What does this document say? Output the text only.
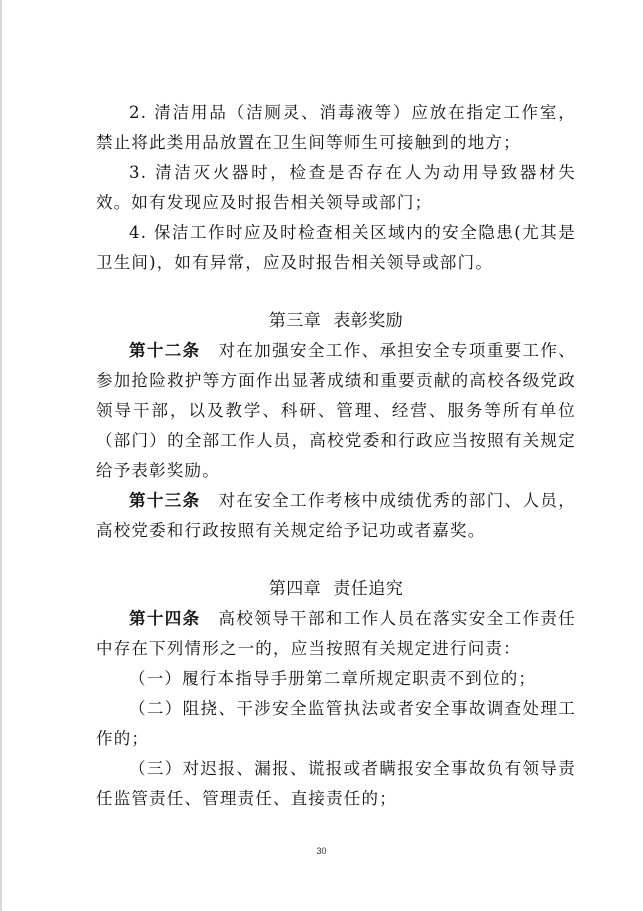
2. 清洁用品（洁厕灵、消毒液等）应放在指定工作室，禁止将此类用品放置在卫生间等师生可接触到的地方；

3. 清洁灭火器时，检查是否存在人为动用导致器材失效。如有发现应及时报告相关领导或部门；

4. 保洁工作时应及时检查相关区域内的安全隐患(尤其是卫生间)，如有异常，应及时报告相关领导或部门。

第三章 表彰奖励

第十二条 对在加强安全工作、承担安全专项重要工作、参加抢险救护等方面作出显著成绩和重要贡献的高校各级党政领导干部，以及教学、科研、管理、经营、服务等所有单位（部门）的全部工作人员，高校党委和行政应当按照有关规定给予表彰奖励。

第十三条 对在安全工作考核中成绩优秀的部门、人员，高校党委和行政按照有关规定给予记功或者嘉奖。

第四章 责任追究

第十四条 高校领导干部和工作人员在落实安全工作责任中存在下列情形之一的，应当按照有关规定进行问责：

（一）履行本指导手册第二章所规定职责不到位的；

（二）阻挠、干涉安全监管执法或者安全事故调查处理工作的；

（三）对迟报、漏报、谎报或者瞒报安全事故负有领导责任监管责任、管理责任、直接责任的；

30
